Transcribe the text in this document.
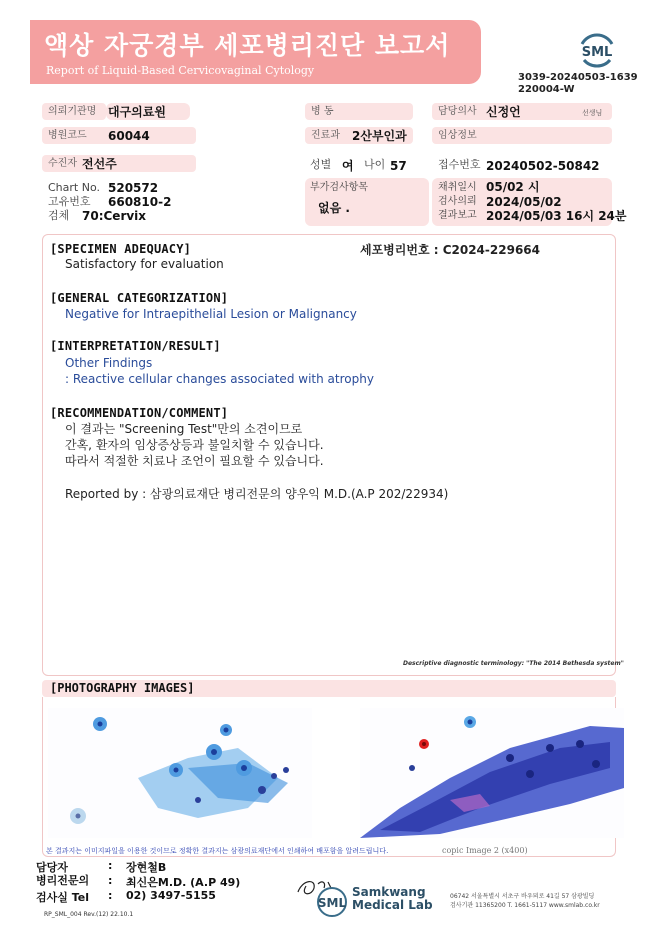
액상 자궁경부 세포병리진단 보고서
Report of Liquid-Based Cervicovaginal Cytology
SML
3039-20240503-1639
220004-W
의뢰기관명 대구의료원	병 동	담당의사 신정언	선생님
병원코드	60044	진료과	2산부인과	임상정보
수진자 전선주	성별 여 나이 57	접수번호 20240502-50842
Chart No. 520572
고유번호 660810-2
검체 70:Cervix
부가검사항목
없음 .
채취일시 05/02 시
검사의뢰 2024/05/02
결과보고 2024/05/03 16시 24분
[SPECIMEN ADEQUACY]	세포병리번호 : C2024-229664
Satisfactory for evaluation
[GENERAL CATEGORIZATION]
Negative for Intraepithelial Lesion or Malignancy
[INTERPRETATION/RESULT]
Other Findings
: Reactive cellular changes associated with atrophy
[RECOMMENDATION/COMMENT]
이 결과는 "Screening Test"만의 소견이므로
간혹, 환자의 임상증상등과 불일치할 수 있습니다.
따라서 적절한 치료나 조언이 필요할 수 있습니다.
Reported by : 삼광의료재단 병리전문의 양우익 M.D.(A.P 202/22934)
Descriptive diagnostic terminology: "The 2014 Bethesda system"
[PHOTOGRAPHY IMAGES]
본 결과지는 이미지파일을 이용한 것이므로 정확한 결과지는 삼광의료재단에서 인쇄하여 배포함을 알려드립니다.	copic Image 2 (x400)
담당자	: 장현철B
병리전문의 : 최신은M.D. (A.P 49)
검사실 Tel : 02) 3497-5155
RP_SML_004 Rev.(12) 22.10.1
SML
Samkwang
Medical Lab
06742 서울특별시 서초구 바우뫼로 41길 57 삼광빌딩
검사기관 11365200 T. 1661-5117 www.smlab.co.kr
